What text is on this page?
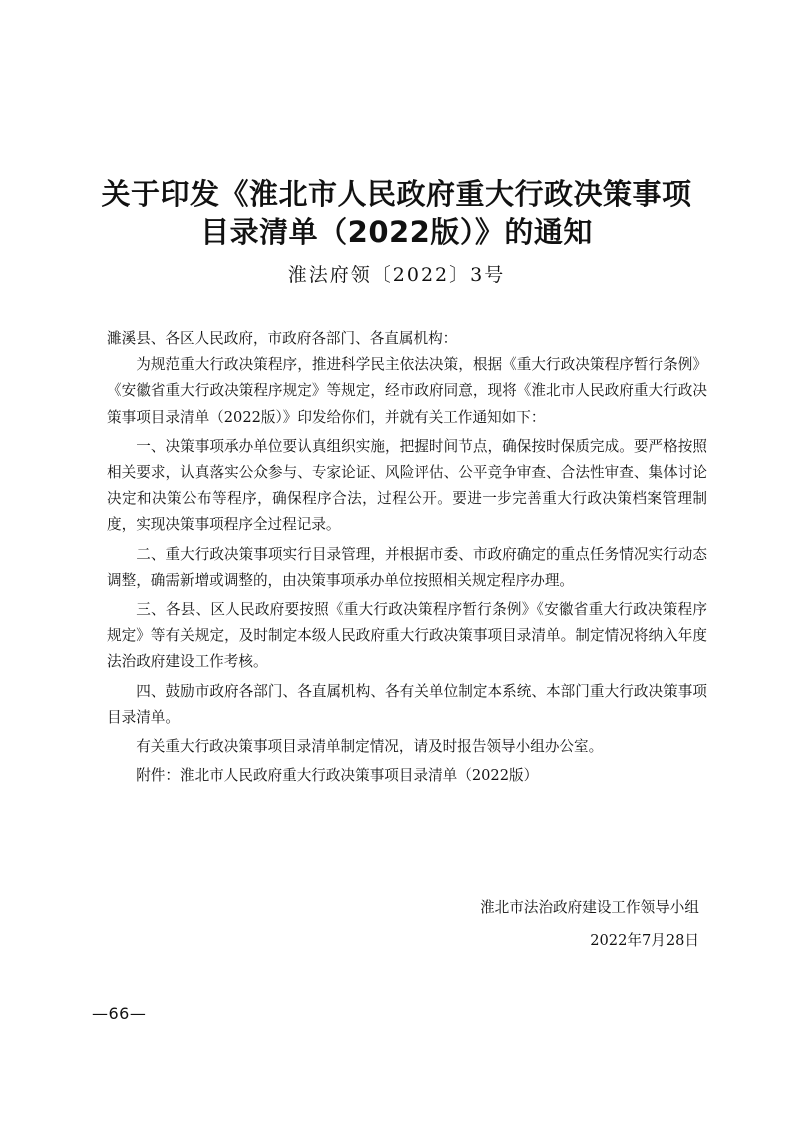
关于印发《淮北市人民政府重大行政决策事项
目录清单（2022版）》的通知
淮法府领〔2022〕3号

濉溪县、各区人民政府，市政府各部门、各直属机构：

为规范重大行政决策程序，推进科学民主依法决策，根据《重大行政决策程序暂行条例》《安徽省重大行政决策程序规定》等规定，经市政府同意，现将《淮北市人民政府重大行政决策事项目录清单（2022版）》印发给你们，并就有关工作通知如下：

一、决策事项承办单位要认真组织实施，把握时间节点，确保按时保质完成。要严格按照相关要求，认真落实公众参与、专家论证、风险评估、公平竞争审查、合法性审查、集体讨论决定和决策公布等程序，确保程序合法，过程公开。要进一步完善重大行政决策档案管理制度，实现决策事项程序全过程记录。

二、重大行政决策事项实行目录管理，并根据市委、市政府确定的重点任务情况实行动态调整，确需新增或调整的，由决策事项承办单位按照相关规定程序办理。

三、各县、区人民政府要按照《重大行政决策程序暂行条例》《安徽省重大行政决策程序规定》等有关规定，及时制定本级人民政府重大行政决策事项目录清单。制定情况将纳入年度法治政府建设工作考核。

四、鼓励市政府各部门、各直属机构、各有关单位制定本系统、本部门重大行政决策事项目录清单。

有关重大行政决策事项目录清单制定情况，请及时报告领导小组办公室。

附件：淮北市人民政府重大行政决策事项目录清单（2022版）

淮北市法治政府建设工作领导小组
2022年7月28日
—66—
